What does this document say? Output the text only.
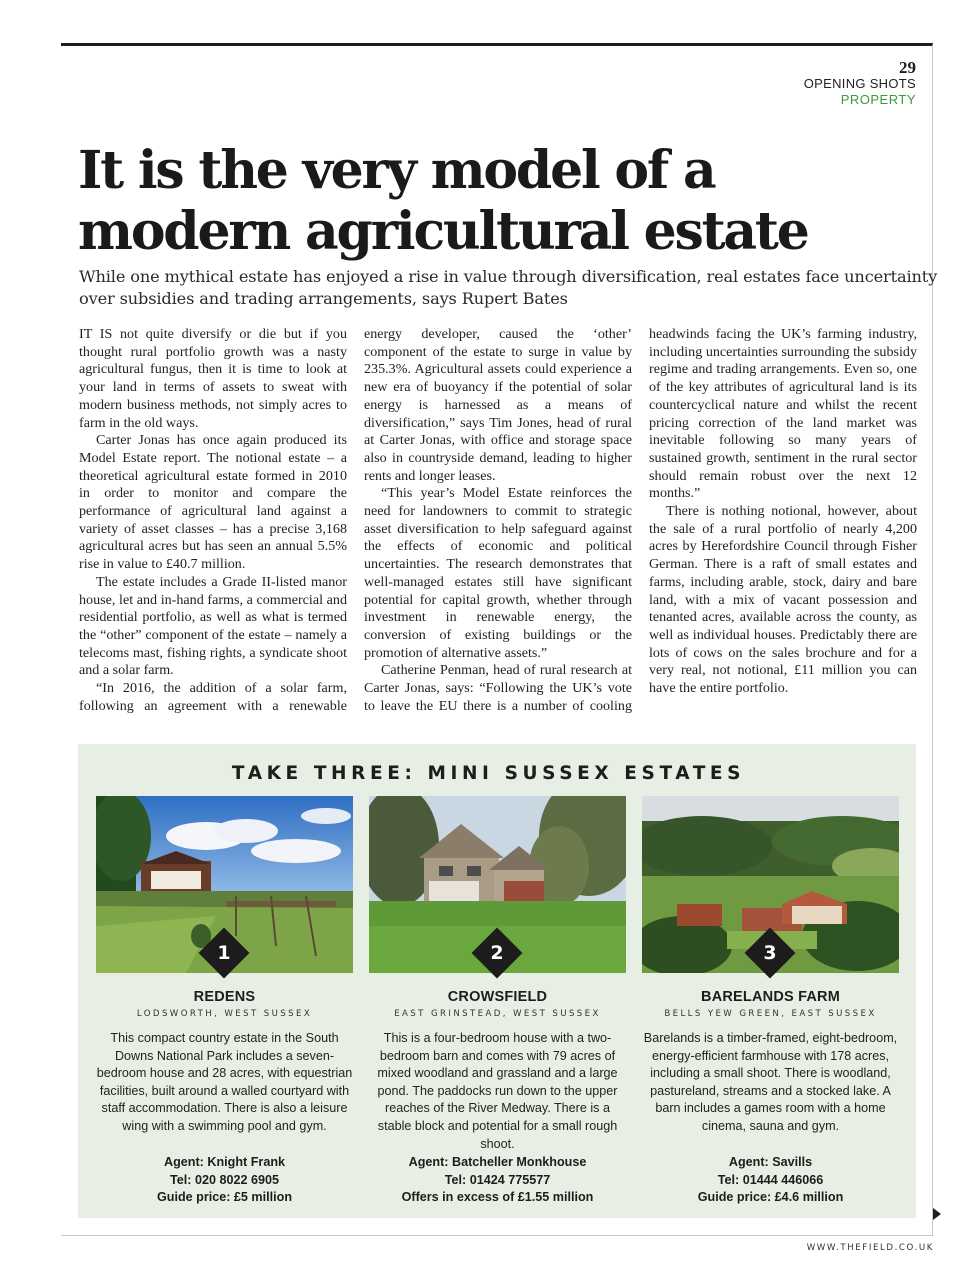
29
OPENING SHOTS
PROPERTY
It is the very model of a modern agricultural estate

While one mythical estate has enjoyed a rise in value through diversification, real estates face uncertainty over subsidies and trading arrangements, says Rupert Bates

IT IS not quite diversify or die but if you thought rural portfolio growth was a nasty agricultural fungus, then it is time to look at your land in terms of assets to sweat with modern business methods, not simply acres to farm in the old ways.

Carter Jonas has once again produced its Model Estate report. The notional estate – a theoretical agricultural estate formed in 2010 in order to monitor and compare the performance of agricultural land against a variety of asset classes – has a precise 3,168 agricultural acres but has seen an annual 5.5% rise in value to £40.7 million.

The estate includes a Grade II-listed manor house, let and in-hand farms, a commercial and residential portfolio, as well as what is termed the “other” component of the estate – namely a telecoms mast, fishing rights, a syndicate shoot and a solar farm.

“In 2016, the addition of a solar farm, following an agreement with a renewable energy developer, caused the ‘other’ component of the estate to surge in value by 235.3%. Agricultural assets could experience a new era of buoyancy if the potential of solar energy is harnessed as a means of diversification,” says Tim Jones, head of rural at Carter Jonas, with office and storage space also in countryside demand, leading to higher rents and longer leases.

“This year’s Model Estate reinforces the need for landowners to commit to strategic asset diversification to help safeguard against the effects of economic and political uncertainties. The research demonstrates that well-managed estates still have significant potential for capital growth, whether through investment in renewable energy, the conversion of existing buildings or the promotion of alternative assets.”

Catherine Penman, head of rural research at Carter Jonas, says: “Following the UK’s vote to leave the EU there is a number of cooling headwinds facing the UK’s farming industry, including uncertainties surrounding the subsidy regime and trading arrangements. Even so, one of the key attributes of agricultural land is its countercyclical nature and whilst the recent pricing correction of the land market was inevitable following so many years of sustained growth, sentiment in the rural sector should remain robust over the next 12 months.”

There is nothing notional, however, about the sale of a rural portfolio of nearly 4,200 acres by Herefordshire Council through Fisher German. There is a raft of small estates and farms, including arable, stock, dairy and bare land, with a mix of vacant possession and tenanted acres, available across the county, as well as individual houses. Predictably there are lots of cows on the sales brochure and for a very real, not notional, £11 million you can have the entire portfolio.

TAKE THREE: MINI SUSSEX ESTATES

REDENS

LODSWORTH, WEST SUSSEX

This compact country estate in the South Downs National Park includes a seven-bedroom house and 28 acres, with equestrian facilities, built around a walled courtyard with staff accommodation. There is also a leisure wing with a swimming pool and gym.

Agent: Knight Frank
Tel: 020 8022 6905
Guide price: £5 million

CROWSFIELD

EAST GRINSTEAD, WEST SUSSEX

This is a four-bedroom house with a two-bedroom barn and comes with 79 acres of mixed woodland and grassland and a large pond. The paddocks run down to the upper reaches of the River Medway. There is a stable block and potential for a small rough shoot.

Agent: Batcheller Monkhouse
Tel: 01424 775577
Offers in excess of £1.55 million

BARELANDS FARM

BELLS YEW GREEN, EAST SUSSEX

Barelands is a timber-framed, eight-bedroom, energy-efficient farmhouse with 178 acres, including a small shoot. There is woodland, pastureland, streams and a stocked lake. A barn includes a games room with a home cinema, sauna and gym.

Agent: Savills
Tel: 01444 446066
Guide price: £4.6 million
1	2	3
WWW.THEFIELD.CO.UK
